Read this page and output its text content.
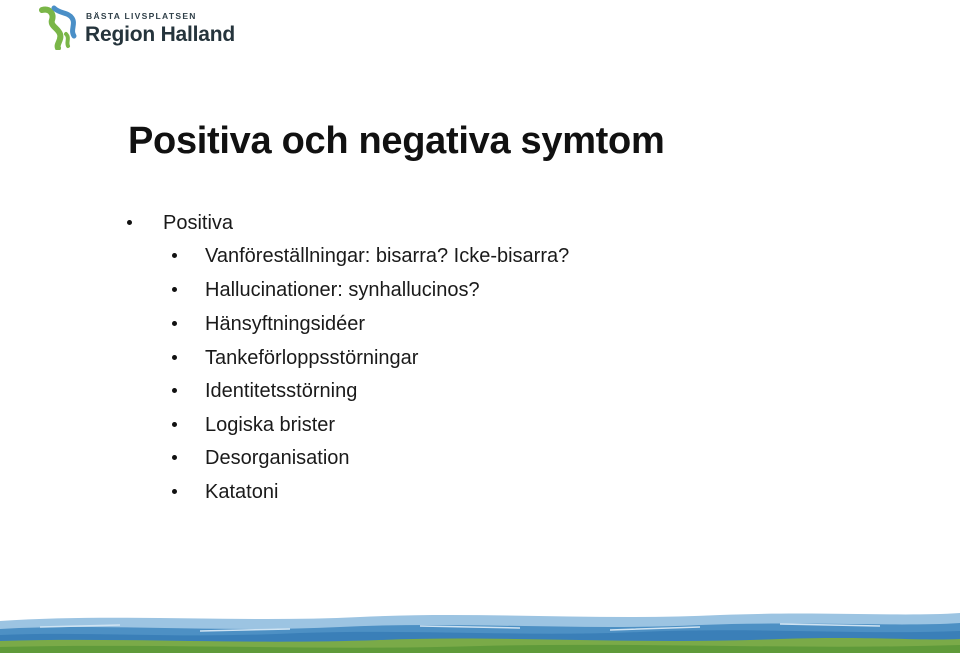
BÄSTA LIVSPLATSEN
Region Halland
Positiva och negativa symtom
Positiva
Vanföreställningar: bisarra? Icke-bisarra?
Hallucinationer: synhallucinos?
Hänsyftningsidéer
Tankeförloppsstörningar
Identitetsstörning
Logiska brister
Desorganisation
Katatoni
